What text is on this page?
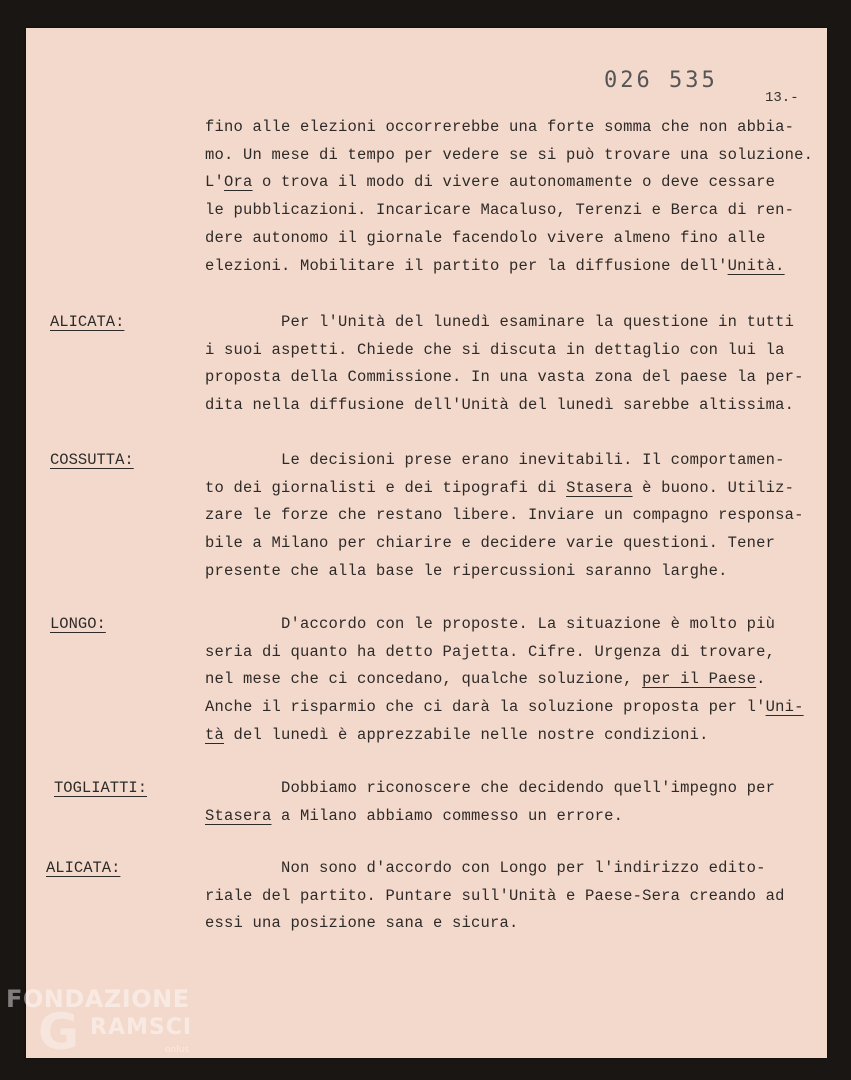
026 535
13.-
fino alle elezioni occorrerebbe una forte somma che non abbia-
mo. Un mese di tempo per vedere se si può trovare una soluzione.
L'Ora o trova il modo di vivere autonomamente o deve cessare
le pubblicazioni. Incaricare Macaluso, Terenzi e Berca di ren-
dere autonomo il giornale facendolo vivere almeno fino alle
elezioni. Mobilitare il partito per la diffusione dell'Unità.
ALICATA:	Per l'Unità del lunedì esaminare la questione in tutti
i suoi aspetti. Chiede che si discuta in dettaglio con lui la
proposta della Commissione. In una vasta zona del paese la per-
dita nella diffusione dell'Unità del lunedì sarebbe altissima.
COSSUTTA:	Le decisioni prese erano inevitabili. Il comportamen-
to dei giornalisti e dei tipografi di Stasera è buono. Utiliz-
zare le forze che restano libere. Inviare un compagno responsa-
bile a Milano per chiarire e decidere varie questioni. Tener
presente che alla base le ripercussioni saranno larghe.
LONGO:	D'accordo con le proposte. La situazione è molto più
seria di quanto ha detto Pajetta. Cifre. Urgenza di trovare,
nel mese che ci concedano, qualche soluzione, per il Paese.
Anche il risparmio che ci darà la soluzione proposta per l'Uni-
tà del lunedì è apprezzabile nelle nostre condizioni.
TOGLIATTI:	Dobbiamo riconoscere che decidendo quell'impegno per
Stasera a Milano abbiamo commesso un errore.
ALICATA:	Non sono d'accordo con Longo per l'indirizzo edito-
riale del partito. Puntare sull'Unità e Paese-Sera creando ad
essi una posizione sana e sicura.
FONDAZIONE
G RAMSCI
onlus
